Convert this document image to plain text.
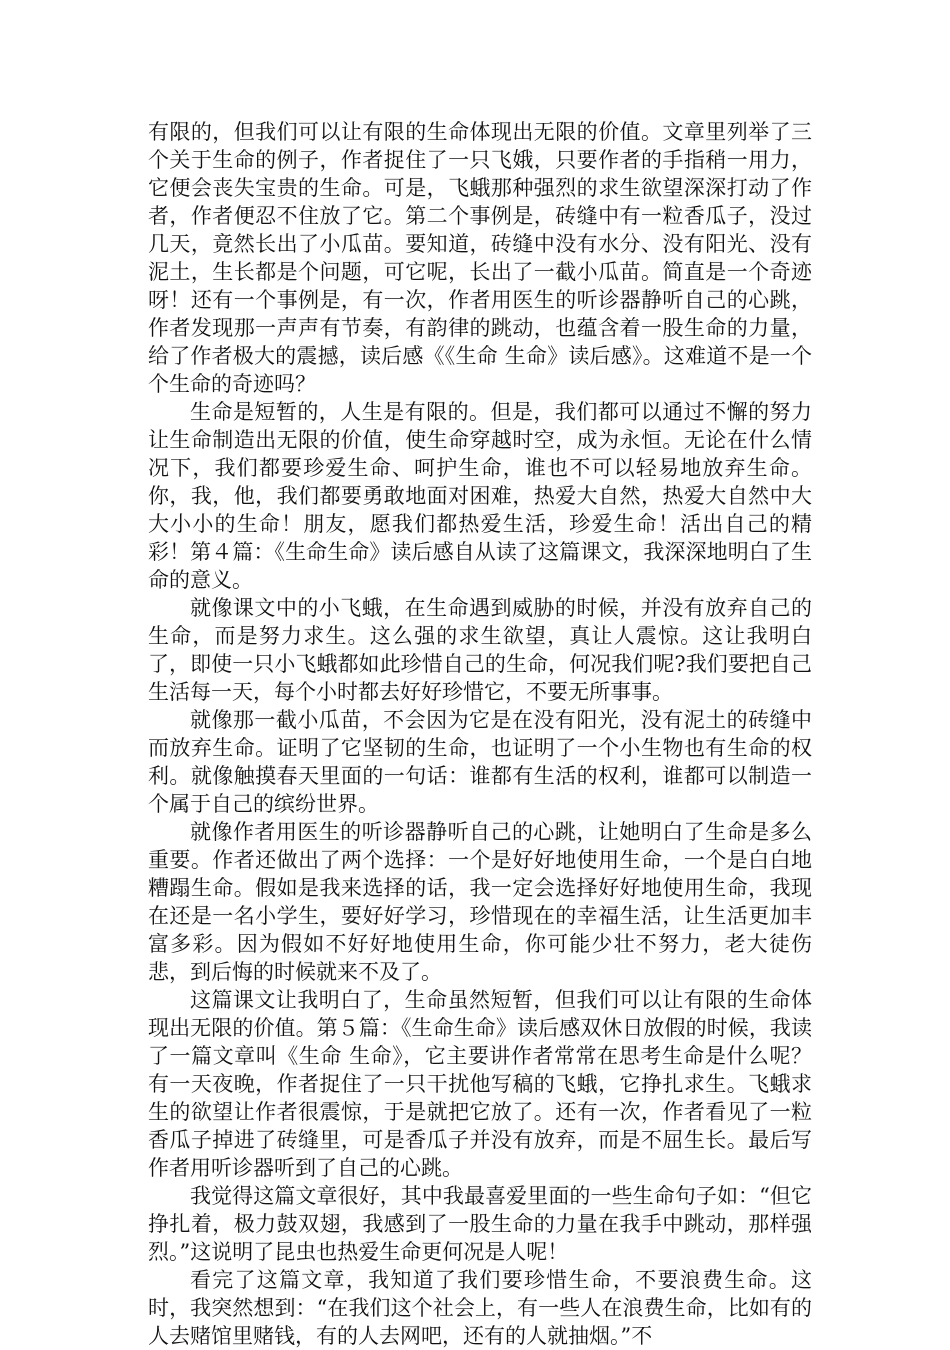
有限的，但我们可以让有限的生命体现出无限的价值。文章里列举了三个关于生命的例子，作者捉住了一只飞娥，只要作者的手指稍一用力，它便会丧失宝贵的生命。可是，飞蛾那种强烈的求生欲望深深打动了作者，作者便忍不住放了它。第二个事例是，砖缝中有一粒香瓜子，没过几天，竟然长出了小瓜苗。要知道，砖缝中没有水分、没有阳光、没有泥土，生长都是个问题，可它呢，长出了一截小瓜苗。简直是一个奇迹呀！还有一个事例是，有一次，作者用医生的听诊器静听自己的心跳，作者发现那一声声有节奏，有韵律的跳动，也蕴含着一股生命的力量，给了作者极大的震撼，读后感《《生命 生命》读后感》。这难道不是一个个生命的奇迹吗？

生命是短暂的，人生是有限的。但是，我们都可以通过不懈的努力让生命制造出无限的价值，使生命穿越时空，成为永恒。无论在什么情况下，我们都要珍爱生命、呵护生命，谁也不可以轻易地放弃生命。你，我，他，我们都要勇敢地面对困难，热爱大自然，热爱大自然中大大小小的生命！朋友，愿我们都热爱生活，珍爱生命！活出自己的精彩！第４篇：《生命生命》读后感自从读了这篇课文，我深深地明白了生命的意义。

就像课文中的小飞蛾，在生命遇到威胁的时候，并没有放弃自己的生命，而是努力求生。这么强的求生欲望，真让人震惊。这让我明白了，即使一只小飞蛾都如此珍惜自己的生命，何况我们呢?我们要把自己生活每一天，每个小时都去好好珍惜它，不要无所事事。

就像那一截小瓜苗，不会因为它是在没有阳光，没有泥土的砖缝中而放弃生命。证明了它坚韧的生命，也证明了一个小生物也有生命的权利。就像触摸春天里面的一句话：谁都有生活的权利，谁都可以制造一个属于自己的缤纷世界。

就像作者用医生的听诊器静听自己的心跳，让她明白了生命是多么重要。作者还做出了两个选择：一个是好好地使用生命，一个是白白地糟蹋生命。假如是我来选择的话，我一定会选择好好地使用生命，我现在还是一名小学生，要好好学习，珍惜现在的幸福生活，让生活更加丰富多彩。因为假如不好好地使用生命，你可能少壮不努力，老大徒伤悲，到后悔的时候就来不及了。

这篇课文让我明白了，生命虽然短暂，但我们可以让有限的生命体现出无限的价值。第５篇：《生命生命》读后感双休日放假的时候，我读了一篇文章叫《生命 生命》，它主要讲作者常常在思考生命是什么呢？有一天夜晚，作者捉住了一只干扰他写稿的飞蛾，它挣扎求生。飞蛾求生的欲望让作者很震惊，于是就把它放了。还有一次，作者看见了一粒香瓜子掉进了砖缝里，可是香瓜子并没有放弃，而是不屈生长。最后写作者用听诊器听到了自己的心跳。

我觉得这篇文章很好，其中我最喜爱里面的一些生命句子如：“但它挣扎着，极力鼓双翅，我感到了一股生命的力量在我手中跳动，那样强烈。”这说明了昆虫也热爱生命更何况是人呢！

看完了这篇文章，我知道了我们要珍惜生命，不要浪费生命。这时，我突然想到：“在我们这个社会上，有一些人在浪费生命，比如有的人去赌馆里赌钱，有的人去网吧，还有的人就抽烟。”不
